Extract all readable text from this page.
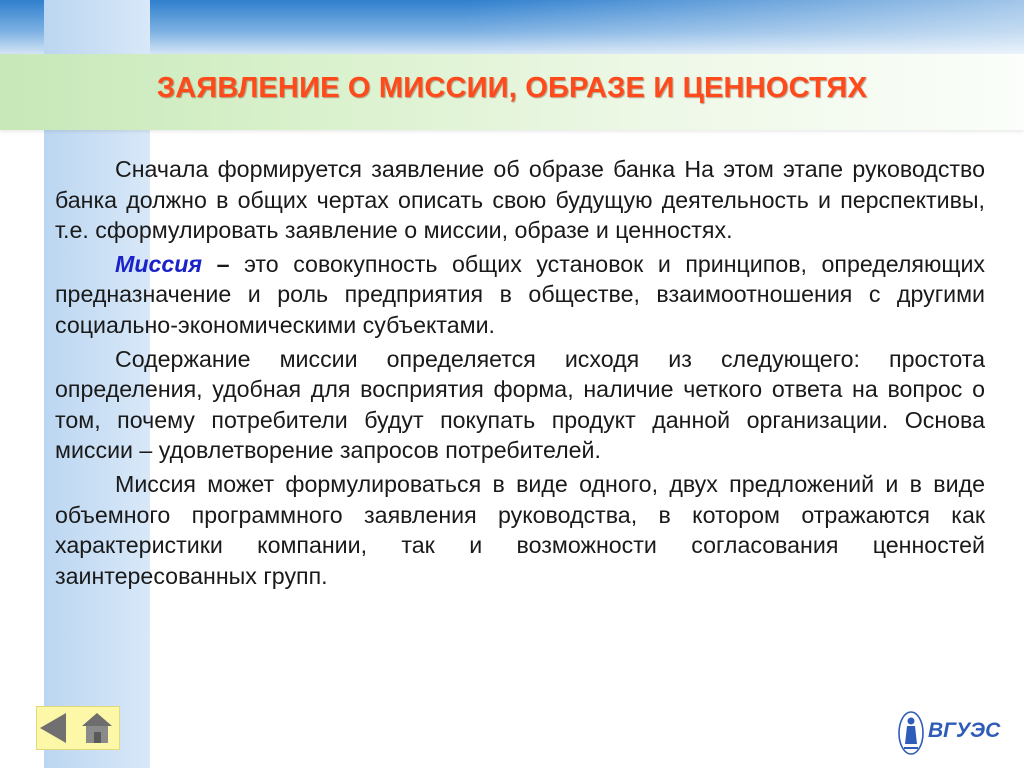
ЗАЯВЛЕНИЕ О МИССИИ, ОБРАЗЕ И ЦЕННОСТЯХ

Сначала формируется заявление об образе банка На этом этапе руководство банка должно в общих чертах описать свою будущую деятельность и перспективы, т.е. сформулировать заявление о миссии, образе и ценностях.

Миссия – это совокупность общих установок и принципов, определяющих предназначение и роль предприятия в обществе, взаимоотношения с другими социально-экономическими субъектами.

Содержание миссии определяется исходя из следующего: простота определения, удобная для восприятия форма, наличие четкого ответа на вопрос о том, почему потребители будут покупать продукт данной организации. Основа миссии – удовлетворение запросов потребителей.

Миссия может формулироваться в виде одного, двух предложений и в виде объемного программного заявления руководства, в котором отражаются как характеристики компании, так и возможности согласования ценностей заинтересованных групп.

ВГУЭС
